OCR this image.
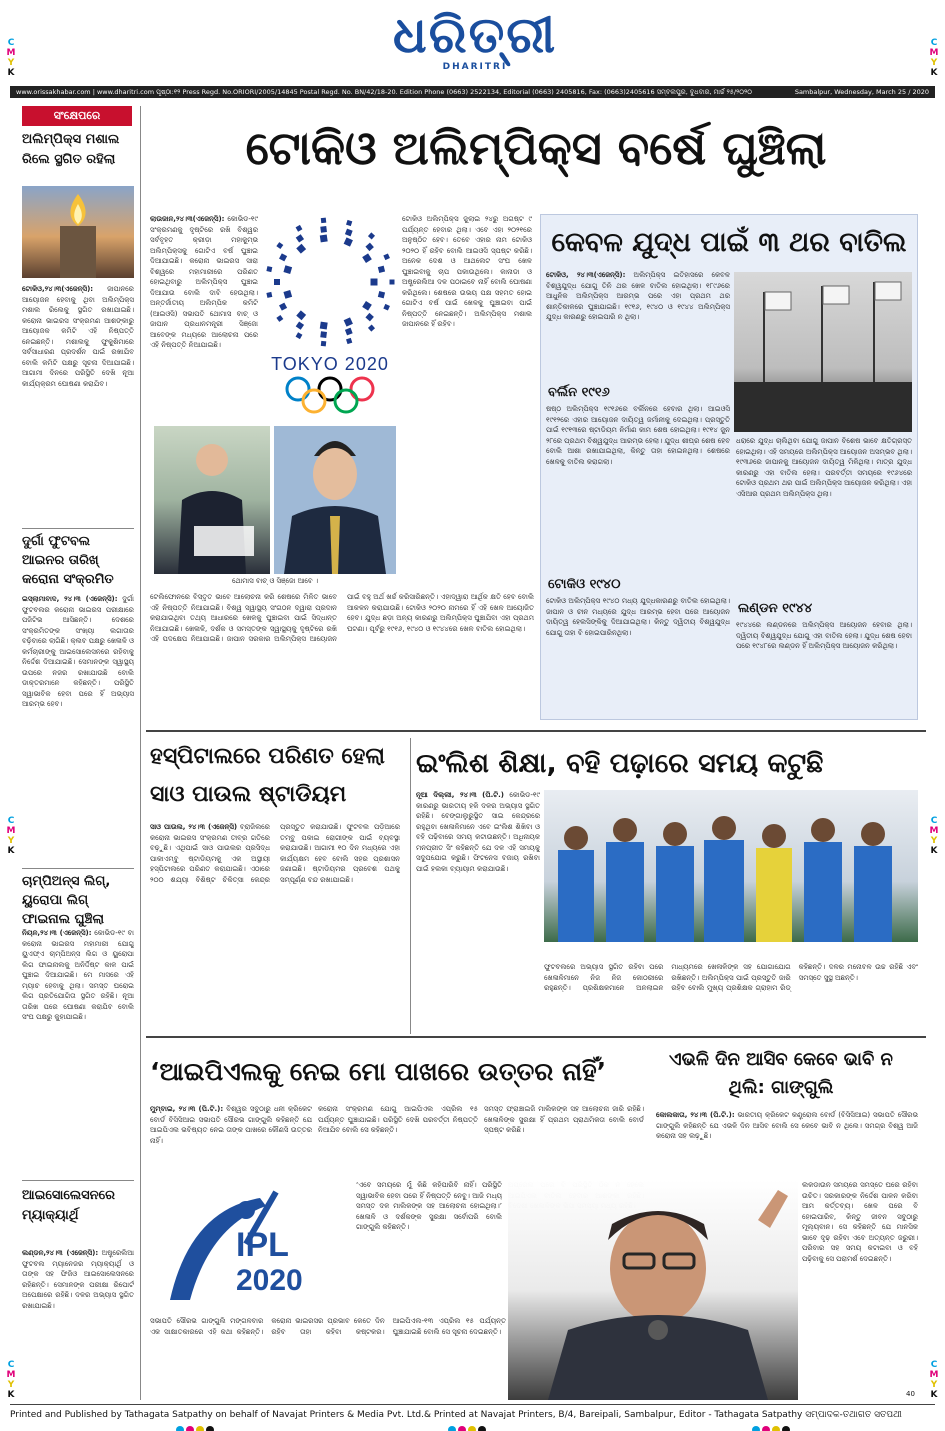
C
M
Y
K
C
M
Y
K
C
M
Y
K
C
M
Y
K
C
M
Y
K
C
M
Y
K
ଧରିତ୍ରୀ
DHARITRI
www.orissakhabar.com | www.dharitri.com ପୃଷ୍ଠା:୧୨ Press Regd. No.ORIORI/2005/14845 Postal Regd. No. BN/42/18-20. Edition Phone (0663) 2522134, Editorial (0663) 2405816, Fax: (0663)2405616 ସମ୍ବଲପୁର, ବୁଧବାର, ମାର୍ଚ୍ଚ ୨୫/୨୦୨୦	Sambalpur, Wednesday, March 25 / 2020
ସଂକ୍ଷେପରେ
ଅଲିମ୍ପିକ୍ସ ମଶାଲ ରିଲେ ସ୍ଥଗିତ ରହିଲା
ଟୋକିଓ,୨୪।୩(ଏଜେନ୍ସି): ଜାପାନରେ ଆୟୋଜନ ହେବାକୁ ଥିବା ଅଲିମ୍ପିକ୍ସ ମଶାଲ ରିଲେକୁ ସ୍ଥଗିତ ରଖାଯାଇଛି। କରୋନା ଭାଇରସ ସଂକ୍ରମଣ ଆଶଙ୍କାରୁ ଆୟୋଜକ କମିଟି ଏହି ନିଷ୍ପତ୍ତି ନେଇଛନ୍ତି। ମଶାଲକୁ ଫୁକୁଶିମାରେ ସର୍ବସାଧାରଣ ପ୍ରଦର୍ଶନ ପାଇଁ ରଖାଯିବ ବୋଲି କମିଟି ପକ୍ଷରୁ ସୂଚନା ଦିଆଯାଇଛି। ଆଗାମୀ ଦିନରେ ପରିସ୍ଥିତି ଦେଖି ନୂଆ କାର୍ଯ୍ୟକ୍ରମ ଘୋଷଣା କରାଯିବ।
ଦୁର୍ଗା ଫୁଟବଲ ଆଇନର ତାରିଖ୍ କରୋନା ସଂକ୍ରମିତ
ଇସ୍ଲାମାବାଦ, ୨୪।୩ (ଏଜେନ୍ସି): ଦୁର୍ଗା ଫୁଟବଲର କରୋନା ଭାଇରସ ପରୀକ୍ଷାରେ ପଜିଟିଭ ଆସିଛନ୍ତି। ଦେଶରେ ସଂକ୍ରମିତଙ୍କ ସଂଖ୍ୟା ଲଗାତାର ବଢ଼ିବାରେ ଲାଗିଛି। କ୍ଲବ ପକ୍ଷରୁ ଖେଳାଳି ଓ କର୍ମଚାରୀଙ୍କୁ ଆଇସୋଲେସନରେ ରହିବାକୁ ନିର୍ଦ୍ଦେଶ ଦିଆଯାଇଛି। ସେମାନଙ୍କ ସ୍ୱାସ୍ଥ୍ୟ ଉପରେ ନଜର ରଖାଯାଉଛି ବୋଲି ଡାକ୍ତରମାନେ କହିଛନ୍ତି। ପରିସ୍ଥିତି ସ୍ୱାଭାବିକ ହେବା ପରେ ହିଁ ଅଭ୍ୟାସ ଆରମ୍ଭ ହେବ।
ଚାମ୍ପିଅନ୍ସ ଲିଗ୍, ୟୁରୋପା ଲିଗ୍ ଫାଇନାଲ ଘୁଞ୍ଚିଲା
ନିୟନ,୨୪।୩ (ଏଜେନ୍ସି): କୋଭିଡ-୧୯ ବା କରୋନା ଭାଇରସ ମହାମାରୀ ଯୋଗୁ ୟୁଏଫ୍ଏ ଚାମ୍ପିଅନ୍ସ ଲିଗ ଓ ୟୁରୋପା ଲିଗ ଫାଇନାଲକୁ ଅନିର୍ଦ୍ଦିଷ୍ଟ କାଳ ପାଇଁ ଘୁଞ୍ଚାଇ ଦିଆଯାଇଛି। ମେ ମାସରେ ଏହି ମ୍ୟାଚ ହେବାକୁ ଥିଲା। ସମସ୍ତ ଘରୋଇ ଲିଗ ପ୍ରତିଯୋଗିତା ସ୍ଥଗିତ ରହିଛି। ନୂଆ ତାରିଖ ପରେ ଘୋଷଣା କରାଯିବ ବୋଲି ସଂଘ ପକ୍ଷରୁ କୁହାଯାଇଛି।
ଆଇସୋଲେସନରେ ମ୍ୟାକ୍ୟାର୍ଥି
ଲଣ୍ଡନ,୨୪।୩ (ଏଜେନ୍ସି): ଅଷ୍ଟ୍ରେଲିଆ ଫୁଟବଲ ମ୍ୟାନେଜର ମ୍ୟାକ୍ୟାର୍ଥି ଓ ତାଙ୍କ ସହ ଫିଜିଓ ଆଇସୋଲେସନରେ ରହିଛନ୍ତି। ସେମାନଙ୍କ ପରୀକ୍ଷା ରିପୋର୍ଟ ଅପେକ୍ଷାରେ ରହିଛି। ଦଳର ଅଭ୍ୟାସ ସ୍ଥଗିତ ରଖାଯାଇଛି।
ଟୋକିଓ ଅଲିମ୍ପିକ୍ସ ବର୍ଷେ ଘୁଞ୍ଚିଲା
TOKYO 2020
ଲାଉଜାନ,୨୪।୩(ଏଜେନ୍ସି): କୋଭିଡ-୧୯ ସଂକ୍ରମଣକୁ ଦୃଷ୍ଟିରେ ରଖି ବିଶ୍ୱର ସର୍ବବୃହତ କ୍ରୀଡ଼ା ମହାକୁମ୍ଭ ଅଲିମ୍ପିକ୍ସକୁ ଗୋଟିଏ ବର୍ଷ ଘୁଞ୍ଚାଇ ଦିଆଯାଇଛି। କରୋନା ଭାଇରସ ସାରା ବିଶ୍ୱରେ ମହାମାରୀରେ ପରିଣତ ହୋଇଥିବାରୁ ଅଲିମ୍ପିକ୍ସ ଘୁଞ୍ଚାଇ ଦିଆଯାଉ ବୋଲି ଦାବି ହେଉଥିଲା। ଅନ୍ତର୍ଜାତୀୟ ଅଲିମ୍ପିକ କମିଟି (ଆଇଓସି) ସଭାପତି ଥୋମାସ ବାଚ୍ ଓ ଜାପାନ ପ୍ରଧାନମନ୍ତ୍ରୀ ସିଞ୍ଜୋ ଆବେଙ୍କ ମଧ୍ୟରେ ଆଲୋଚନା ପରେ ଏହି ନିଷ୍ପତ୍ତି ନିଆଯାଇଛି।
ଟୋକିଓ ଅଲିମ୍ପିକ୍ସ ଜୁଲାଇ ୨୪ରୁ ଅଗଷ୍ଟ ୯ ପର୍ଯ୍ୟନ୍ତ ହେବାର ଥିଲା। ଏବେ ଏହା ୨୦୨୧ରେ ଅନୁଷ୍ଠିତ ହେବ। ତେବେ ଏହାର ନାମ ଟୋକିଓ ୨୦୨୦ ହିଁ ରହିବ ବୋଲି ଆଇଓସି ସ୍ପଷ୍ଟ କରିଛି। ଅନେକ ଦେଶ ଓ ଆଥଲେଟ ସଂଘ ଖେଳ ଘୁଞ୍ଚାଇବାକୁ ଚାପ ପକାଉଥିଲେ। କାନାଡା ଓ ଅଷ୍ଟ୍ରେଲିଆ ଦଳ ପଠାଇବେ ନାହିଁ ବୋଲି ଘୋଷଣା କରିଥିଲେ। ଶେଷରେ ଉଭୟ ପକ୍ଷ ସହମତ ହୋଇ ଗୋଟିଏ ବର୍ଷ ପାଇଁ ଖେଳକୁ ଘୁଞ୍ଚାଇବା ପାଇଁ ନିଷ୍ପତ୍ତି ନେଇଛନ୍ତି। ଅଲିମ୍ପିକ୍ସ ମଶାଲ ଜାପାନରେ ହିଁ ରହିବ।
ଥୋମାସ ବାଚ୍ ଓ ସିଞ୍ଜୋ ଆବେ ।
କେବଳ ଯୁଦ୍ଧ ପାଇଁ ୩ ଥର ବାତିଲ
ଟୋକିଓ, ୨୪।୩(ଏଜେନ୍ସି): ଅଲିମ୍ପିକ୍ସ ଇତିହାସରେ କେବଳ ବିଶ୍ୱଯୁଦ୍ଧ ଯୋଗୁ ତିନି ଥର ଖେଳ ବାତିଲ ହୋଇଥିଲା। ୧୮୯୬ରେ ଆଧୁନିକ ଅଲିମ୍ପିକ୍ସ ଆରମ୍ଭ ପରେ ଏହା ପ୍ରଥମ ଥର ଶାନ୍ତିକାଳରେ ଘୁଞ୍ଚାଯାଇଛି। ୧୯୧୬, ୧୯୪୦ ଓ ୧୯୪୪ ଅଲିମ୍ପିକ୍ସ ଯୁଦ୍ଧ କାରଣରୁ ହୋଇପାରି ନ ଥିଲା।
ବର୍ଲିନ ୧୯୧୬
ଷଷ୍ଠ ଅଲିମ୍ପିକ୍ସ ୧୯୧୬ରେ ବର୍ଲିନରେ ହେବାର ଥିଲା। ଆଇଓସି ୧୯୧୨ରେ ଏହାର ଆୟୋଜନ ଦାୟିତ୍ୱ ଜର୍ମାନୀକୁ ଦେଇଥିଲା। ପ୍ରସ୍ତୁତି ପାଇଁ ୧୯୧୩ରେ ଷ୍ଟାଡିୟମ ନିର୍ମାଣ କାମ ଶେଷ ହୋଇଥିଲା। ୧୯୧୪ ଜୁନ ୨୮ରେ ପ୍ରଥମ ବିଶ୍ୱଯୁଦ୍ଧ ଆରମ୍ଭ ହେଲା। ଯୁଦ୍ଧ ଶୀଘ୍ର ଶେଷ ହେବ ବୋଲି ଆଶା ରଖାଯାଇଥିଲା, କିନ୍ତୁ ତାହା ହୋଇନଥିଲା। ଶେଷରେ ଖେଳକୁ ବାତିଲ କରାଗଲା।
ଟୋକିଓ ୧୯୪୦
ଟୋକିଓ ଅଲିମ୍ପିକ୍ସ ୧୯୪୦ ମଧ୍ୟ ଯୁଦ୍ଧକାରଣରୁ ବାତିଲ ହୋଇଥିଲା। ଜାପାନ ଓ ଚୀନ ମଧ୍ୟରେ ଯୁଦ୍ଧ ଆରମ୍ଭ ହେବା ପରେ ଆୟୋଜନ ଦାୟିତ୍ୱ ହେଲସିଙ୍କିକୁ ଦିଆଯାଇଥିଲା। କିନ୍ତୁ ଦ୍ୱିତୀୟ ବିଶ୍ୱଯୁଦ୍ଧ ଯୋଗୁ ତାହା ବି ହୋଇପାରିନଥିଲା।
ଧରାରେ ଯୁଦ୍ଧ ଚାଲିଥିବା ଯୋଗୁ ଜାପାନ ବିଶେଷ ଭାବେ କ୍ଷତିଗ୍ରସ୍ତ ହୋଇଥିଲା। ଏହି ସମୟରେ ଅଲିମ୍ପିକ୍ସ ଆୟୋଜନ ଅସମ୍ଭବ ଥିଲା। ୧୯୩୬ରେ ଜାପାନକୁ ଆୟୋଜନ ଦାୟିତ୍ୱ ମିଳିଥିଲା। ମାତ୍ର ଯୁଦ୍ଧ କାରଣରୁ ଏହା ବାତିଲ ହେଲା। ପରବର୍ତ୍ତୀ ସମୟରେ ୧୯୬୪ରେ ଟୋକିଓ ପ୍ରଥମ ଥର ପାଇଁ ଅଲିମ୍ପିକ୍ସ ଆୟୋଜନ କରିଥିଲା। ଏହା ଏସିଆର ପ୍ରଥମ ଅଲିମ୍ପିକ୍ସ ଥିଲା।
ଲଣ୍ଡନ ୧୯୪୪
୧୯୪୪ରେ ଲଣ୍ଡନରେ ଅଲିମ୍ପିକ୍ସ ଆୟୋଜନ ହେବାର ଥିଲା। ଦ୍ୱିତୀୟ ବିଶ୍ୱଯୁଦ୍ଧ ଯୋଗୁ ଏହା ବାତିଲ ହେଲା। ଯୁଦ୍ଧ ଶେଷ ହେବା ପରେ ୧୯୪୮ରେ ଲଣ୍ଡନ ହିଁ ଅଲିମ୍ପିକ୍ସ ଆୟୋଜନ କରିଥିଲା।
ଟେଲିଫୋନରେ ବିସ୍ତୃତ ଭାବେ ଆଲୋଚନା କରି ଶେଷରେ ମିଳିତ ଭାବେ ଏହି ନିଷ୍ପତ୍ତି ନିଆଯାଇଛି। ବିଶ୍ୱ ସ୍ୱାସ୍ଥ୍ୟ ସଂଗଠନ ଦ୍ୱାରା ପ୍ରଦାନ କରାଯାଇଥିବା ତଥ୍ୟ ଆଧାରରେ ଖେଳକୁ ଘୁଞ୍ଚାଇବା ପାଇଁ ସିଦ୍ଧାନ୍ତ ନିଆଯାଇଛି। ଖେଳାଳି, ଦର୍ଶକ ଓ ସମସ୍ତଙ୍କ ସ୍ୱାସ୍ଥ୍ୟକୁ ଦୃଷ୍ଟିରେ ରଖି ଏହି ପଦକ୍ଷେପ ନିଆଯାଇଛି। ଜାପାନ ସରକାର ଅଲିମ୍ପିକ୍ସ ଆୟୋଜନ ପାଇଁ ବହୁ ଅର୍ଥ ଖର୍ଚ୍ଚ କରିସାରିଛନ୍ତି। ଏହାଦ୍ୱାରା ଆର୍ଥିକ କ୍ଷତି ହେବ ବୋଲି ଆକଳନ କରାଯାଉଛି। ଟୋକିଓ ୨୦୨୦ ନାମରେ ହିଁ ଏହି ଖେଳ ଆୟୋଜିତ ହେବ। ଯୁଦ୍ଧ ଛଡ଼ା ଅନ୍ୟ କାରଣରୁ ଅଲିମ୍ପିକ୍ସ ଘୁଞ୍ଚାଯିବା ଏହା ପ୍ରଥମ ଘଟଣା। ପୂର୍ବରୁ ୧୯୧୬, ୧୯୪୦ ଓ ୧୯୪୪ରେ ଖେଳ ବାତିଲ ହୋଇଥିଲା।
ହସ୍ପିଟାଲରେ ପରିଣତ ହେଲା ସାଓ ପାଉଲ ଷ୍ଟାଡିୟମ
ସାଓ ପାଉଲ, ୨୪।୩ (ଏଜେନ୍ସି) ବ୍ରାଜିଲରେ କରୋନା ଭାଇରସ ସଂକ୍ରମଣ ତୀବ୍ର ଗତିରେ ବଢ଼ୁଛି। ଏଥିପାଇଁ ସାଓ ପାଉଲର ପ୍ରସିଦ୍ଧ ପାକାଏମ୍ବୁ ଷ୍ଟାଡିୟମକୁ ଏକ ଅସ୍ଥାୟୀ ହସ୍ପିଟାଲରେ ପରିଣତ କରାଯାଇଛି। ଏଠାରେ ୨୦୦ ଶଯ୍ୟା ବିଶିଷ୍ଟ ଚିକିତ୍ସା କେନ୍ଦ୍ର ପ୍ରସ୍ତୁତ କରାଯାଉଛି। ଫୁଟବଲ ପଡ଼ିଆରେ ତମ୍ବୁ ପକାଇ ରୋଗୀଙ୍କ ପାଇଁ ବ୍ୟବସ୍ଥା କରାଯାଉଛି। ଆଗାମୀ ୧୦ ଦିନ ମଧ୍ୟରେ ଏହା କାର୍ଯ୍ୟକ୍ଷମ ହେବ ବୋଲି ସହର ପ୍ରଶାସନ ଜଣାଇଛି। ଷ୍ଟାଡିୟମର ପ୍ରବେଶ ପଥକୁ ସମ୍ପୂର୍ଣ୍ଣ ବନ୍ଦ ରଖାଯାଇଛି।
ଇଂଲିଶ ଶିକ୍ଷା, ବହି ପଢ଼ାରେ ସମୟ କଟୁଛି
ନୂଆ ଦିଲ୍ଲୀ, ୨୪।୩ (ପି.ଟି.) କୋଭିଡ-୧୯ କାରଣରୁ ଭାରତୀୟ ହକି ଦଳର ଅଭ୍ୟାସ ସ୍ଥଗିତ ରହିଛି। ବେଙ୍ଗାଲୁରୁସ୍ଥିତ ସାଇ କେନ୍ଦ୍ରରେ ରହୁଥିବା ଖେଳାଳିମାନେ ଏବେ ଇଂଲିଶ ଶିଖିବା ଓ ବହି ପଢ଼ିବାରେ ସମୟ କଟାଉଛନ୍ତି। ଅଧିନାୟକ ମନପ୍ରୀତ ସିଂ କହିଛନ୍ତି ଯେ ଦଳ ଏହି ସମୟକୁ ସଦୁପଯୋଗ କରୁଛି। ଫିଟନେସ ବଜାୟ ରଖିବା ପାଇଁ ହଲକା ବ୍ୟାୟାମ କରାଯାଉଛି।
ଫୁଟବଲରେ ଅଭ୍ୟାସ ସ୍ଥଗିତ ରହିବା ପରେ ଖେଳାଳିମାନେ ନିଜ ନିଜ କୋଠରୀରେ ରହୁଛନ୍ତି। ପ୍ରଶିକ୍ଷକମାନେ ଅନଲାଇନ ମାଧ୍ୟମରେ ଖେଳାଳିଙ୍କ ସହ ଯୋଗାଯୋଗ ରଖିଛନ୍ତି। ଅଲିମ୍ପିକ୍ସ ପାଇଁ ପ୍ରସ୍ତୁତି ଜାରି ରହିବ ବୋଲି ମୁଖ୍ୟ ପ୍ରଶିକ୍ଷକ ଗ୍ରାହାମ ରିଡ୍ କହିଛନ୍ତି। ଦଳର ମନୋବଳ ଉଚ୍ଚ ରହିଛି ଏବଂ ସମସ୍ତେ ସୁସ୍ଥ ଅଛନ୍ତି।
‘ଆଇପିଏଲକୁ ନେଇ ମୋ ପାଖରେ ଉତ୍ତର ନାହିଁ’
ମୁମ୍ବାଇ, ୨୪।୩ (ପି.ଟି.): ବିଶ୍ୱର ସବୁଠାରୁ ଧନୀ କ୍ରିକେଟ ବୋର୍ଡ ବିସିସିଆଇ ସଭାପତି ସୌରଭ ଗାଙ୍ଗୁଲି କହିଛନ୍ତି ଯେ ଆଇପିଏଲ ଭବିଷ୍ୟତ ନେଇ ତାଙ୍କ ପାଖରେ କୌଣସି ଉତ୍ତର ନାହିଁ।
କରୋନା ସଂକ୍ରମଣ ଯୋଗୁ ଆଇପିଏଲ ଏପ୍ରିଲ ୧୫ ପର୍ଯ୍ୟନ୍ତ ଘୁଞ୍ଚାଯାଇଛି। ପରିସ୍ଥିତି ଦେଖି ପରବର୍ତ୍ତୀ ନିଷ୍ପତ୍ତି ନିଆଯିବ ବୋଲି ସେ କହିଛନ୍ତି।
ସମସ୍ତ ଫ୍ରାଞ୍ଚାଇଜି ମାଲିକଙ୍କ ସହ ଆଲୋଚନା ଜାରି ରହିଛି। ଖେଳାଳିଙ୍କ ସୁରକ୍ଷା ହିଁ ପ୍ରଥମ ପ୍ରାଥମିକତା ବୋଲି ବୋର୍ଡ ସ୍ପଷ୍ଟ କରିଛି।
IPL
2020
‘ଏବେ ସମୟରେ ମୁଁ କିଛି କହିପାରିବି ନାହିଁ। ପରିସ୍ଥିତି ସ୍ୱାଭାବିକ ହେବା ପରେ ହିଁ ନିଷ୍ପତ୍ତି ନେବୁ। ଆଜି ମଧ୍ୟ ସମସ୍ତ ଦଳ ମାଲିକଙ୍କ ସହ ଆଲୋଚନା ହୋଇଥିଲା।’ ଖେଳାଳି ଓ ଦର୍ଶକଙ୍କ ସୁରକ୍ଷା ସର୍ବୋପରି ବୋଲି ଗାଙ୍ଗୁଲି କହିଛନ୍ତି।
ସଭାପତି ସୌରଭ ଗାଙ୍ଗୁଲି ମଙ୍ଗଳବାର ଏକ ସାକ୍ଷାତକାରରେ ଏହି କଥା କହିଛନ୍ତି। କରୋନା ଭାଇରସର ପ୍ରଭାବ କେତେ ଦିନ ରହିବ ତାହା କହିବା କଷ୍ଟକର। ଆଇପିଏଲ-୧୩ ଏପ୍ରିଲ ୧୫ ପର୍ଯ୍ୟନ୍ତ ଘୁଞ୍ଚାଯାଇଛି ବୋଲି ସେ ସୂଚନା ଦେଇଛନ୍ତି।
ଏଭଳି ଦିନ ଆସିବ କେବେ ଭାବି ନ ଥିଲି: ଗାଙ୍ଗୁଲି
କୋଲକାତା, ୨୪।୩ (ପି.ଟି.): ଭାରତୀୟ କ୍ରିକେଟ କଣ୍ଟ୍ରୋଲ ବୋର୍ଡ (ବିସିସିଆଇ) ସଭାପତି ସୌରଭ ଗାଙ୍ଗୁଲି କହିଛନ୍ତି ଯେ ଏଭଳି ଦିନ ଆସିବ ବୋଲି ସେ କେବେ ଭାବି ନ ଥିଲେ। ସମଗ୍ର ବିଶ୍ୱ ଆଜି କରୋନା ସହ ଲଢ଼ୁଛି।
ଲକଡାଉନ ସମୟରେ ସମସ୍ତେ ଘରେ ରହିବା ଉଚିତ। ସରକାରଙ୍କ ନିର୍ଦ୍ଦେଶ ପାଳନ କରିବା ଆମ କର୍ତ୍ତବ୍ୟ। ଖେଳ ପରେ ବି ହୋଇପାରିବ, କିନ୍ତୁ ଜୀବନ ସବୁଠାରୁ ମୂଲ୍ୟବାନ। ସେ କହିଛନ୍ତି ଯେ ମାନସିକ ଭାବେ ଦୃଢ଼ ରହିବା ଏବେ ଅତ୍ୟନ୍ତ ଜରୁରୀ। ପରିବାର ସହ ସମୟ କଟାଇବା ଓ ବହି ପଢ଼ିବାକୁ ସେ ପରାମର୍ଶ ଦେଇଛନ୍ତି।
40
Printed and Published by Tathagata Satpathy on behalf of Navajat Printers & Media Pvt. Ltd.& Printed at Navajat Printers, B/4, Bareipali, Sambalpur, Editor - Tathagata Satpathy ସମ୍ପାଦକ-ତଥାଗତ ସତପଥୀ
